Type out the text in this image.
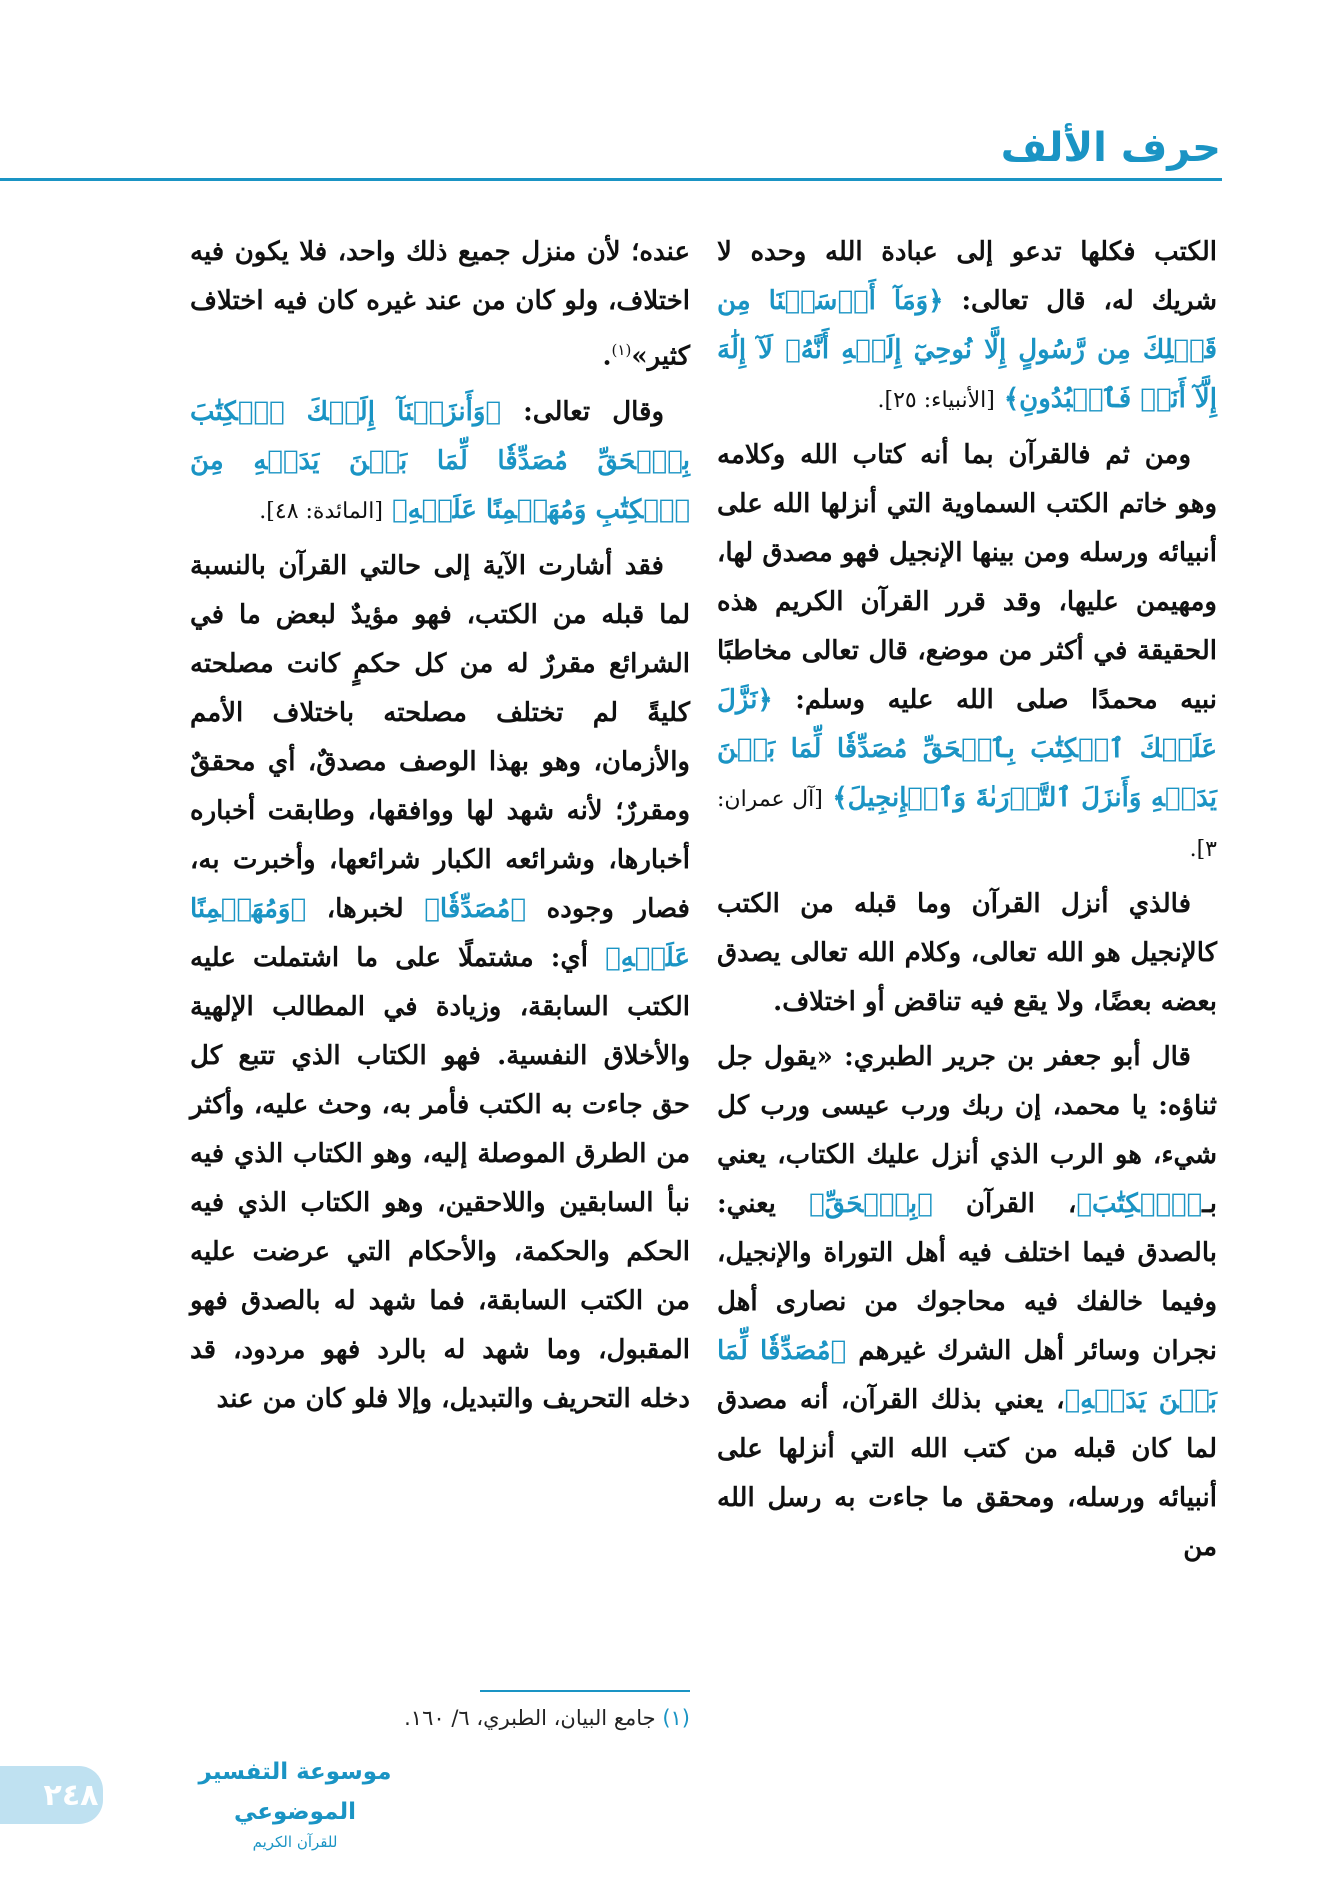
حرف الألف

الكتب فكلها تدعو إلى عبادة الله وحده لا شريك له، قال تعالى: ﴿وَمَآ أَرۡسَلۡنَا مِن قَبۡلِكَ مِن رَّسُولٍ إِلَّا نُوحِيٓ إِلَيۡهِ أَنَّهُۥ لَآ إِلَٰهَ إِلَّآ أَنَا۠ فَٱعۡبُدُونِ﴾ [الأنبياء: ٢٥].

ومن ثم فالقرآن بما أنه كتاب الله وكلامه وهو خاتم الكتب السماوية التي أنزلها الله على أنبيائه ورسله ومن بينها الإنجيل فهو مصدق لها، ومهيمن عليها، وقد قرر القرآن الكريم هذه الحقيقة في أكثر من موضع، قال تعالى مخاطبًا نبيه محمدًا صلى الله عليه وسلم: ﴿نَزَّلَ عَلَيۡكَ ٱلۡكِتَٰبَ بِٱلۡحَقِّ مُصَدِّقٗا لِّمَا بَيۡنَ يَدَيۡهِ وَأَنزَلَ ٱلتَّوۡرَىٰةَ وَٱلۡإِنجِيلَ﴾ [آل عمران: ٣].

فالذي أنزل القرآن وما قبله من الكتب كالإنجيل هو الله تعالى، وكلام الله تعالى يصدق بعضه بعضًا، ولا يقع فيه تناقض أو اختلاف.

قال أبو جعفر بن جرير الطبري: «يقول جل ثناؤه: يا محمد، إن ربك ورب عيسى ورب كل شيء، هو الرب الذي أنزل عليك الكتاب، يعني بـ﴿ٱلۡكِتَٰبَ﴾، القرآن ﴿بِٱلۡحَقِّ﴾ يعني: بالصدق فيما اختلف فيه أهل التوراة والإنجيل، وفيما خالفك فيه محاجوك من نصارى أهل نجران وسائر أهل الشرك غيرهم ﴿مُصَدِّقٗا لِّمَا بَيۡنَ يَدَيۡهِ﴾، يعني بذلك القرآن، أنه مصدق لما كان قبله من كتب الله التي أنزلها على أنبيائه ورسله، ومحقق ما جاءت به رسل الله من

عنده؛ لأن منزل جميع ذلك واحد، فلا يكون فيه اختلاف، ولو كان من عند غيره كان فيه اختلاف كثير»$^{(١)}$.

وقال تعالى: ﴿وَأَنزَلۡنَآ إِلَيۡكَ ٱلۡكِتَٰبَ بِٱلۡحَقِّ مُصَدِّقٗا لِّمَا بَيۡنَ يَدَيۡهِ مِنَ ٱلۡكِتَٰبِ وَمُهَيۡمِنًا عَلَيۡهِ﴾ [المائدة: ٤٨].

فقد أشارت الآية إلى حالتي القرآن بالنسبة لما قبله من الكتب، فهو مؤيدٌ لبعض ما في الشرائع مقررٌ له من كل حكمٍ كانت مصلحته كليةً لم تختلف مصلحته باختلاف الأمم والأزمان، وهو بهذا الوصف مصدقٌ، أي محققٌ ومقررٌ؛ لأنه شهد لها ووافقها، وطابقت أخباره أخبارها، وشرائعه الكبار شرائعها، وأخبرت به، فصار وجوده ﴿مُصَدِّقٗا﴾ لخبرها، ﴿وَمُهَيۡمِنًا عَلَيۡهِ﴾ أي: مشتملًا على ما اشتملت عليه الكتب السابقة، وزيادة في المطالب الإلهية والأخلاق النفسية. فهو الكتاب الذي تتبع كل حق جاءت به الكتب فأمر به، وحث عليه، وأكثر من الطرق الموصلة إليه، وهو الكتاب الذي فيه نبأ السابقين واللاحقين، وهو الكتاب الذي فيه الحكم والحكمة، والأحكام التي عرضت عليه من الكتب السابقة، فما شهد له بالصدق فهو المقبول، وما شهد له بالرد فهو مردود، قد دخله التحريف والتبديل، وإلا فلو كان من عند

(١) جامع البيان، الطبري، ٦/ ١٦٠.
٢٤٨
موسوعة التفسير الموضوعي
للقرآن الكريم
